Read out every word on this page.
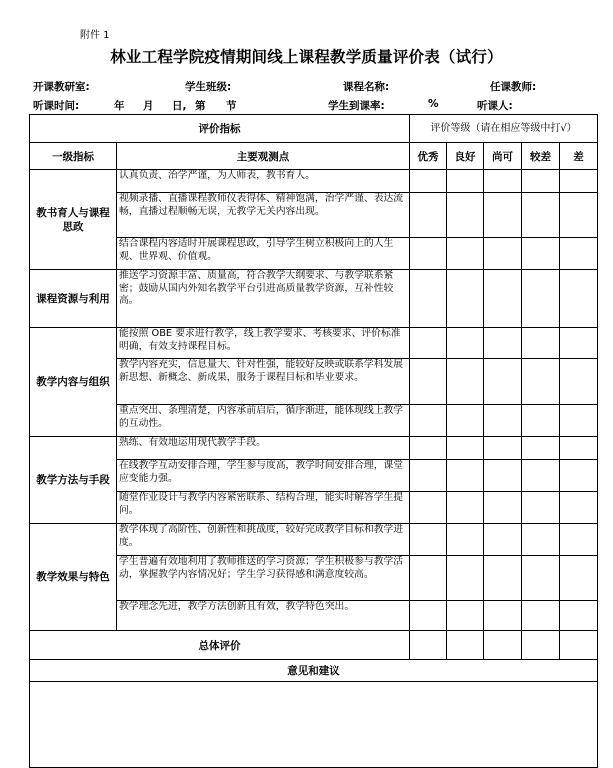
附件 1
林业工程学院疫情期间线上课程教学质量评价表（试行）
开课教研室:	学生班级:	课程名称:	任课教师:
听课时间:	年 月 日, 第 节	学生到课率:	%	听课人:
评价指标		评价等级（请在相应等级中打√）				
一级指标	主要观测点	优秀	良好	尚可	较差	差
教书育人与课程思政	认真负责、治学严谨，为人师表，教书育人。					
	视频录播、直播课程教师仪表得体、精神饱满，治学严谨、表达流畅，直播过程顺畅无误，无教学无关内容出现。					
	结合课程内容适时开展课程思政，引导学生树立积极向上的人生观、世界观、价值观。					
课程资源与利用	推送学习资源丰富、质量高，符合教学大纲要求、与教学联系紧密；鼓励从国内外知名教学平台引进高质量教学资源，互补性较高。					
教学内容与组织	能按照 OBE 要求进行教学，线上教学要求、考核要求、评价标准明确，有效支持课程目标。					
	教学内容充实，信息量大、针对性强，能较好反映或联系学科发展新思想、新概念、新成果，服务于课程目标和毕业要求。					
	重点突出、条理清楚，内容承前启后，循序渐进，能体现线上教学的互动性。					
教学方法与手段	熟练、有效地运用现代教学手段。					
	在线教学互动安排合理，学生参与度高，教学时间安排合理，课堂应变能力强。					
	随堂作业设计与教学内容紧密联系、结构合理，能实时解答学生提问。					
教学效果与特色	教学体现了高阶性、创新性和挑战度，较好完成教学目标和教学进度。					
	学生普遍有效地利用了教师推送的学习资源；学生积极参与教学活动，掌握教学内容情况好；学生学习获得感和满意度较高。					
	教学理念先进，教学方法创新且有效，教学特色突出。					
总体评价						
意见和建议						
